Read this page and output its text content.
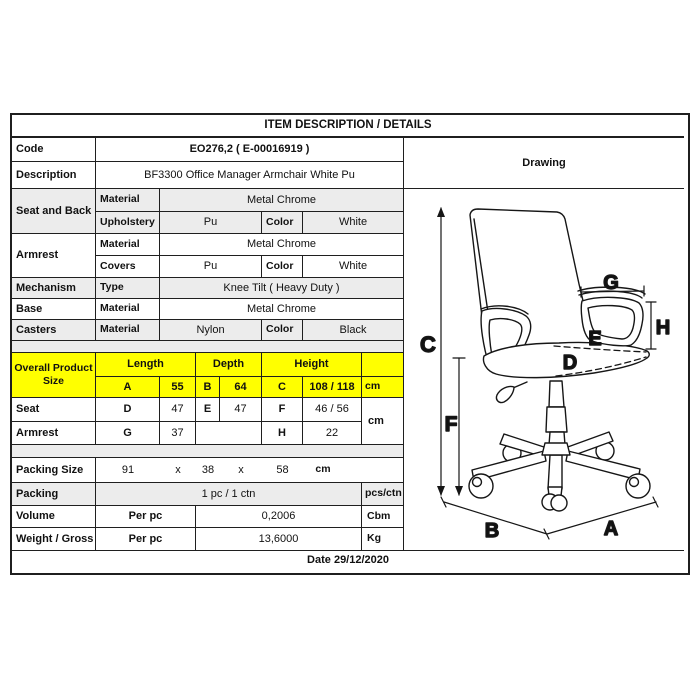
ITEM DESCRIPTION / DETAILS
Code	EO276,2 ( E-00016919 )
Description	BF3300 Office Manager Armchair White Pu
Drawing
C
F
G
H
E
D
B	A
Seat and Back
Material	Metal Chrome
Upholstery	Pu	Color	White
Armrest
Material	Metal Chrome
Covers	Pu	Color	White
Mechanism	Type	Knee Tilt ( Heavy Duty )
Base	Material	Metal Chrome
Casters	Material	Nylon	Color	Black
Overall Product Size
Length	Depth	Height
A	55	B	64	C	108 / 118 cm
Seat	D	47	E	47	F	46 / 56
cm
Armrest	G	37	H	22
Packing Size	91	x	38	x	58	cm
Packing	1 pc / 1 ctn	pcs/ctn
Volume	Per pc	0,2006	Cbm
Weight / Gross	Per pc	13,6000	Kg
Date 29/12/2020
